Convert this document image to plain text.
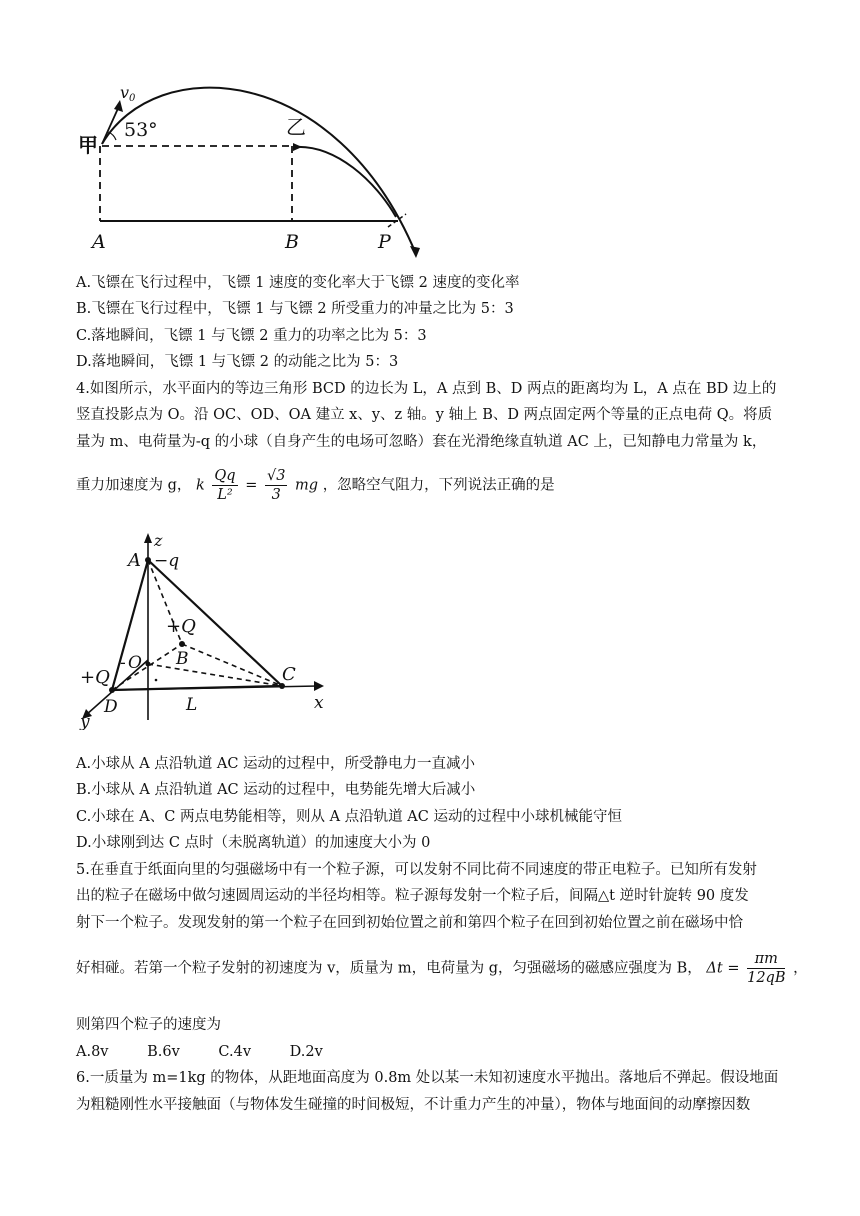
甲
v0
53°	乙
A	B	P
A.飞镖在飞行过程中，飞镖 1 速度的变化率大于飞镖 2 速度的变化率
B.飞镖在飞行过程中，飞镖 1 与飞镖 2 所受重力的冲量之比为 5：3
C.落地瞬间，飞镖 1 与飞镖 2 重力的功率之比为 5：3
D.落地瞬间，飞镖 1 与飞镖 2 的动能之比为 5：3
4.如图所示，水平面内的等边三角形 BCD 的边长为 L，A 点到 B、D 两点的距离均为 L，A 点在 BD 边上的
竖直投影点为 O。沿 OC、OD、OA 建立 x、y、z 轴。y 轴上 B、D 两点固定两个等量的正点电荷 Q。将质
量为 m、电荷量为-q 的小球（自身产生的电场可忽略）套在光滑绝缘直轨道 AC 上，已知静电力常量为 k，
重力加速度为 g， k $\frac{Qq}{\text{L²}} = \frac{√3}{3}$ mg ，忽略空气阻力，下列说法正确的是
z
A −q
+Q
B
- O
C
+Q
D	L	x
y
A.小球从 A 点沿轨道 AC 运动的过程中，所受静电力一直减小
B.小球从 A 点沿轨道 AC 运动的过程中，电势能先增大后减小
C.小球在 A、C 两点电势能相等，则从 A 点沿轨道 AC 运动的过程中小球机械能守恒
D.小球刚到达 C 点时（未脱离轨道）的加速度大小为 0
5.在垂直于纸面向里的匀强磁场中有一个粒子源，可以发射不同比荷不同速度的带正电粒子。已知所有发射
出的粒子在磁场中做匀速圆周运动的半径均相等。粒子源每发射一个粒子后，间隔△t 逆时针旋转 90 度发
射下一个粒子。发现发射的第一个粒子在回到初始位置之前和第四个粒子在回到初始位置之前在磁场中恰
好相碰。若第一个粒子发射的初速度为 v，质量为 m，电荷量为 g，匀强磁场的磁感应强度为 B， $\Delta t = \frac{\pi m}{12qB}$ ，
则第四个粒子的速度为
A.8v	B.6v	C.4v	D.2v
6.一质量为 m=1kg 的物体，从距地面高度为 0.8m 处以某一未知初速度水平抛出。落地后不弹起。假设地面
为粗糙刚性水平接触面（与物体发生碰撞的时间极短，不计重力产生的冲量），物体与地面间的动摩擦因数
